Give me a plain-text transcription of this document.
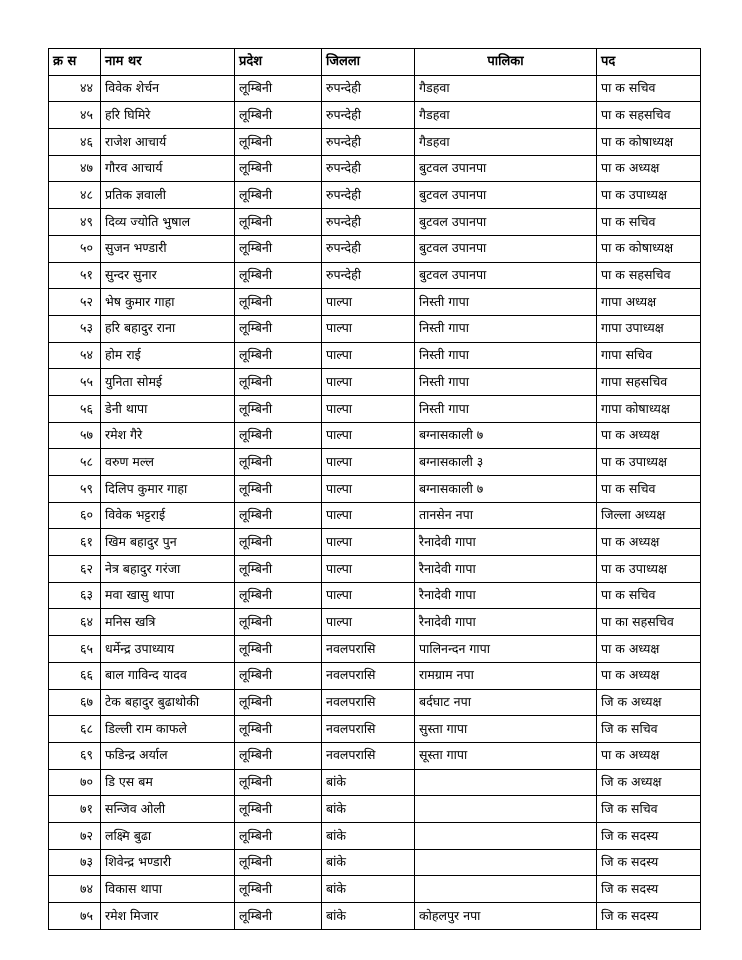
क्र स	नाम थर	प्रदेश	जिलला	पालिका	पद
४४	विवेक शेर्चन	लूम्बिनी	रुपन्देही	गैडहवा	पा क सचिव
४५	हरि घिमिरे	लूम्बिनी	रुपन्देही	गैडहवा	पा क सहसचिव
४६	राजेश आचार्य	लूम्बिनी	रुपन्देही	गैडहवा	पा क कोषाध्यक्ष
४७	गौरव आचार्य	लूम्बिनी	रुपन्देही	बुटवल उपानपा	पा क अध्यक्ष
४८	प्रतिक ज्ञवाली	लूम्बिनी	रुपन्देही	बुटवल उपानपा	पा क उपाध्यक्ष
४९	दिव्य ज्योति भुषाल	लूम्बिनी	रुपन्देही	बुटवल उपानपा	पा क सचिव
५०	सुजन भण्डारी	लूम्बिनी	रुपन्देही	बुटवल उपानपा	पा क कोषाध्यक्ष
५१	सुन्दर सुनार	लूम्बिनी	रुपन्देही	बुटवल उपानपा	पा क सहसचिव
५२	भेष कुमार गाहा	लूम्बिनी	पाल्पा	निस्ती गापा	गापा अध्यक्ष
५३	हरि बहादुर राना	लूम्बिनी	पाल्पा	निस्ती गापा	गापा उपाध्यक्ष
५४	होम राई	लूम्बिनी	पाल्पा	निस्ती गापा	गापा सचिव
५५	युनिता सोमई	लूम्बिनी	पाल्पा	निस्ती गापा	गापा सहसचिव
५६	डेनी थापा	लूम्बिनी	पाल्पा	निस्ती गापा	गापा कोषाध्यक्ष
५७	रमेश गैरे	लूम्बिनी	पाल्पा	बग्नासकाली ७	पा क अध्यक्ष
५८	वरुण मल्ल	लूम्बिनी	पाल्पा	बग्नासकाली ३	पा क उपाध्यक्ष
५९	दिलिप कुमार गाहा	लूम्बिनी	पाल्पा	बग्नासकाली ७	पा क सचिव
६०	विवेक भट्टराई	लूम्बिनी	पाल्पा	तानसेन नपा	जिल्ला अध्यक्ष
६१	खिम बहादुर पुन	लूम्बिनी	पाल्पा	रैनादेवी गापा	पा क अध्यक्ष
६२	नेत्र बहादुर गरंजा	लूम्बिनी	पाल्पा	रैनादेवी गापा	पा क उपाध्यक्ष
६३	मवा खासु थापा	लूम्बिनी	पाल्पा	रैनादेवी गापा	पा क सचिव
६४	मनिस खत्रि	लूम्बिनी	पाल्पा	रैनादेवी गापा	पा का सहसचिव
६५	धर्मेन्द्र उपाध्याय	लूम्बिनी	नवलपरासि	पालिनन्दन गापा	पा क अध्यक्ष
६६	बाल गाविन्द यादव	लूम्बिनी	नवलपरासि	रामग्राम नपा	पा क अध्यक्ष
६७	टेक बहादुर बुढाथोकी	लूम्बिनी	नवलपरासि	बर्दघाट नपा	जि क अध्यक्ष
६८	डिल्ली राम काफले	लूम्बिनी	नवलपरासि	सुस्ता गापा	जि क सचिव
६९	फडिन्द्र अर्याल	लूम्बिनी	नवलपरासि	सूस्ता गापा	पा क अध्यक्ष
७०	डि एस बम	लूम्बिनी	बांके		जि क अध्यक्ष
७१	सन्जिव ओली	लूम्बिनी	बांके		जि क सचिव
७२	लक्ष्मि बुढा	लूम्बिनी	बांके		जि क सदस्य
७३	शिवेन्द्र भण्डारी	लूम्बिनी	बांके		जि क सदस्य
७४	विकास थापा	लूम्बिनी	बांके		जि क सदस्य
७५	रमेश मिजार	लूम्बिनी	बांके	कोहलपुर नपा	जि क सदस्य
